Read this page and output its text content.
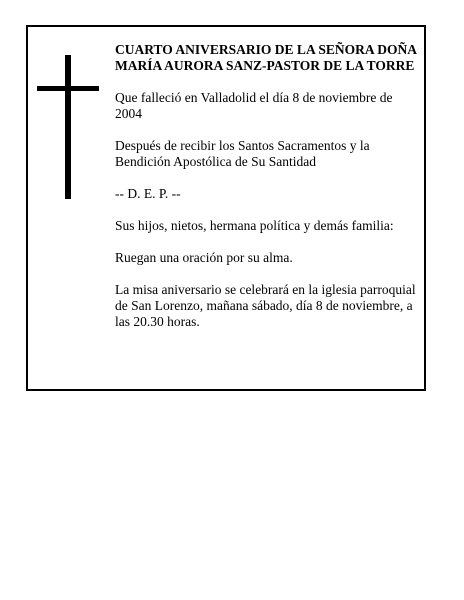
CUARTO ANIVERSARIO DE LA SEÑORA DOÑA MARÍA AURORA SANZ-PASTOR DE LA TORRE

Que falleció en Valladolid el día 8 de noviembre de 2004

Después de recibir los Santos Sacramentos y la Bendición Apostólica de Su Santidad

-- D. E. P. --

Sus hijos, nietos, hermana política y demás familia:

Ruegan una oración por su alma.

La misa aniversario se celebrará en la iglesia parroquial de San Lorenzo, mañana sábado, día 8 de noviembre, a las 20.30 horas.
